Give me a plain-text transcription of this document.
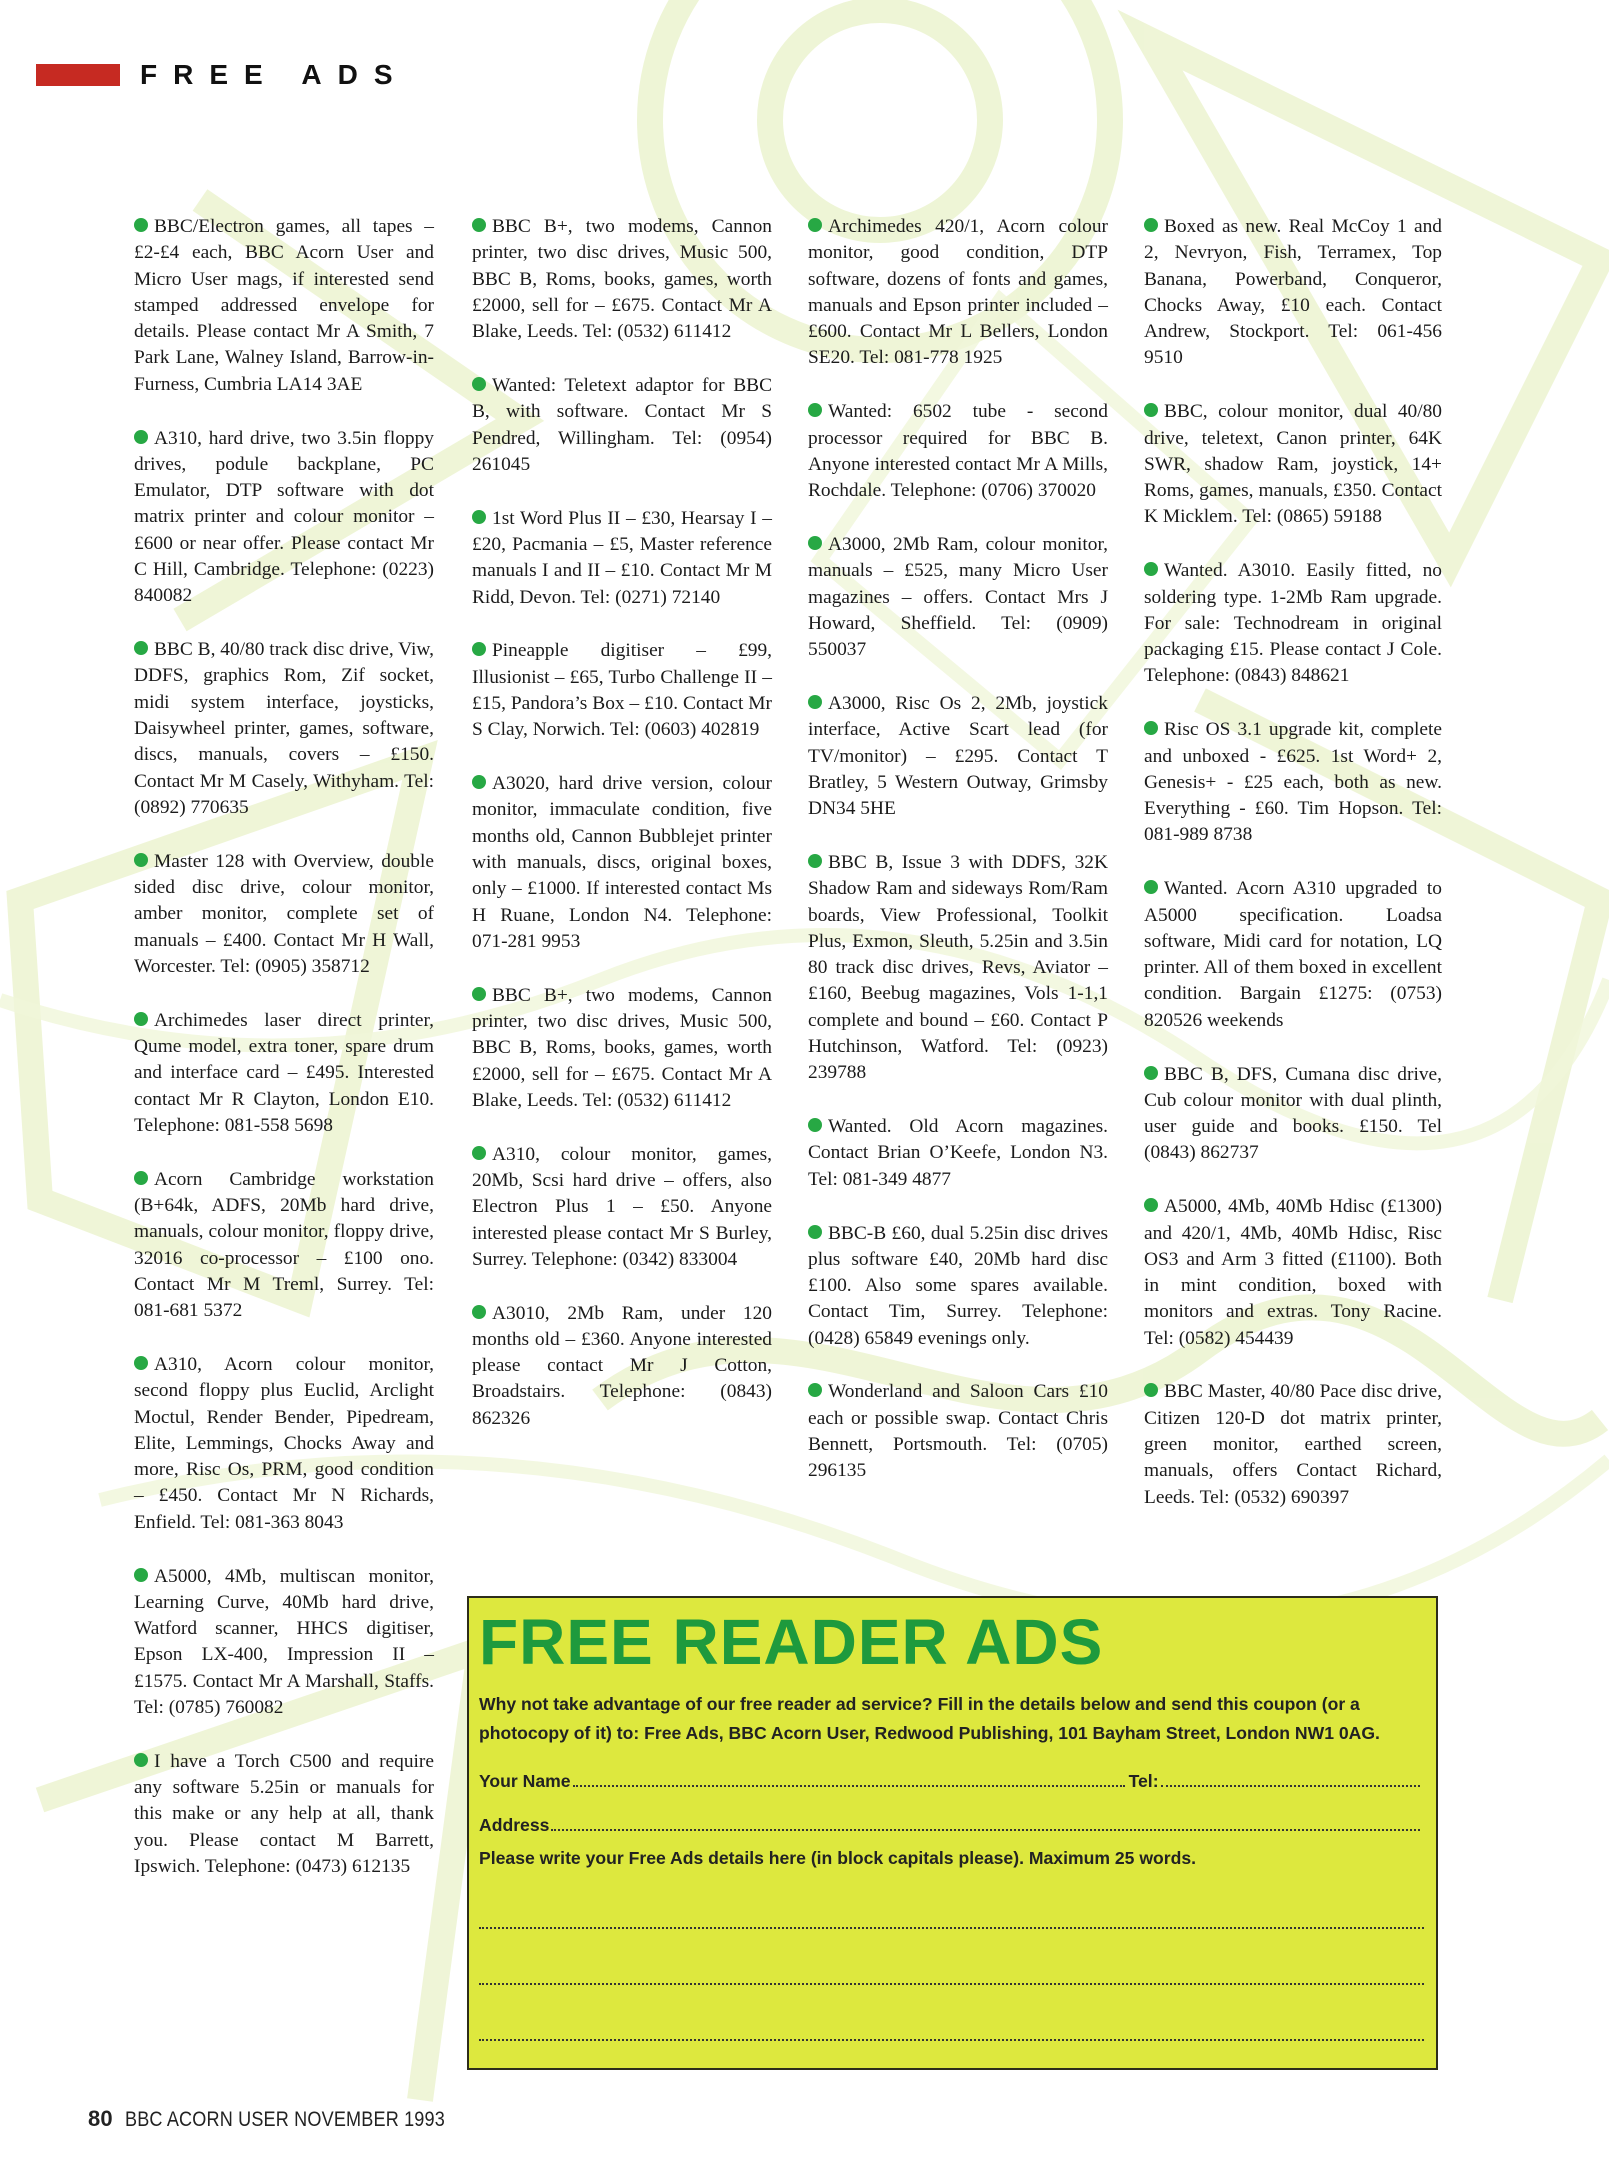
FREE ADS

BBC/Electron games, all tapes – £2-£4 each, BBC Acorn User and Micro User mags, if interested send stamped addressed envelope for details. Please contact Mr A Smith, 7 Park Lane, Walney Island, Barrow-in-Furness, Cumbria LA14 3AE

A310, hard drive, two 3.5in floppy drives, podule backplane, PC Emulator, DTP software with dot matrix printer and colour monitor – £600 or near offer. Please contact Mr C Hill, Cambridge. Telephone: (0223) 840082

BBC B, 40/80 track disc drive, Viw, DDFS, graphics Rom, Zif socket, midi system interface, joysticks, Daisywheel printer, games, software, discs, manuals, covers – £150. Contact Mr M Casely, Withyham. Tel: (0892) 770635

Master 128 with Overview, double sided disc drive, colour monitor, amber monitor, complete set of manuals – £400. Contact Mr H Wall, Worcester. Tel: (0905) 358712

Archimedes laser direct printer, Qume model, extra toner, spare drum and interface card – £495. Interested contact Mr R Clayton, London E10. Telephone: 081-558 5698

Acorn Cambridge workstation (B+64k, ADFS, 20Mb hard drive, manuals, colour monitor, floppy drive, 32016 co-processor – £100 ono. Contact Mr M Treml, Surrey. Tel: 081-681 5372

A310, Acorn colour monitor, second floppy plus Euclid, Arclight Moctul, Render Bender, Pipedream, Elite, Lemmings, Chocks Away and more, Risc Os, PRM, good condition – £450. Contact Mr N Richards, Enfield. Tel: 081-363 8043

A5000, 4Mb, multiscan monitor, Learning Curve, 40Mb hard drive, Watford scanner, HHCS digitiser, Epson LX-400, Impression II – £1575. Contact Mr A Marshall, Staffs. Tel: (0785) 760082

I have a Torch C500 and require any software 5.25in or manuals for this make or any help at all, thank you. Please contact M Barrett, Ipswich. Telephone: (0473) 612135

BBC B+, two modems, Cannon printer, two disc drives, Music 500, BBC B, Roms, books, games, worth £2000, sell for – £675. Contact Mr A Blake, Leeds. Tel: (0532) 611412

Wanted: Teletext adaptor for BBC B, with software. Contact Mr S Pendred, Willingham. Tel: (0954) 261045

1st Word Plus II – £30, Hearsay I – £20, Pacmania – £5, Master reference manuals I and II – £10. Contact Mr M Ridd, Devon. Tel: (0271) 72140

Pineapple digitiser – £99, Illusionist – £65, Turbo Challenge II – £15, Pandora’s Box – £10. Contact Mr S Clay, Norwich. Tel: (0603) 402819

A3020, hard drive version, colour monitor, immaculate condition, five months old, Cannon Bubblejet printer with manuals, discs, original boxes, only – £1000. If interested contact Ms H Ruane, London N4. Telephone: 071-281 9953

BBC B+, two modems, Cannon printer, two disc drives, Music 500, BBC B, Roms, books, games, worth £2000, sell for – £675. Contact Mr A Blake, Leeds. Tel: (0532) 611412

A310, colour monitor, games, 20Mb, Scsi hard drive – offers, also Electron Plus 1 – £50. Anyone interested please contact Mr S Burley, Surrey. Telephone: (0342) 833004

A3010, 2Mb Ram, under 120 months old – £360. Anyone interested please contact Mr J Cotton, Broadstairs. Telephone: (0843) 862326

Archimedes 420/1, Acorn colour monitor, good condition, DTP software, dozens of fonts and games, manuals and Epson printer included – £600. Contact Mr L Bellers, London SE20. Tel: 081-778 1925

Wanted: 6502 tube - second processor required for BBC B. Anyone interested contact Mr A Mills, Rochdale. Telephone: (0706) 370020

A3000, 2Mb Ram, colour monitor, manuals – £525, many Micro User magazines – offers. Contact Mrs J Howard, Sheffield. Tel: (0909) 550037

A3000, Risc Os 2, 2Mb, joystick interface, Active Scart lead (for TV/monitor) – £295. Contact T Bratley, 5 Western Outway, Grimsby DN34 5HE

BBC B, Issue 3 with DDFS, 32K Shadow Ram and sideways Rom/Ram boards, View Professional, Toolkit Plus, Exmon, Sleuth, 5.25in and 3.5in 80 track disc drives, Revs, Aviator – £160, Beebug magazines, Vols 1-1,1 complete and bound – £60. Contact P Hutchinson, Watford. Tel: (0923) 239788

Wanted. Old Acorn magazines. Contact Brian O’Keefe, London N3. Tel: 081-349 4877

BBC-B £60, dual 5.25in disc drives plus software £40, 20Mb hard disc £100. Also some spares available. Contact Tim, Surrey. Telephone: (0428) 65849 evenings only.

Wonderland and Saloon Cars £10 each or possible swap. Contact Chris Bennett, Portsmouth. Tel: (0705) 296135

Boxed as new. Real McCoy 1 and 2, Nevryon, Fish, Terramex, Top Banana, Powerband, Conqueror, Chocks Away, £10 each. Contact Andrew, Stockport. Tel: 061-456 9510

BBC, colour monitor, dual 40/80 drive, teletext, Canon printer, 64K SWR, shadow Ram, joystick, 14+ Roms, games, manuals, £350. Contact K Micklem. Tel: (0865) 59188

Wanted. A3010. Easily fitted, no soldering type. 1-2Mb Ram upgrade. For sale: Technodream in original packaging £15. Please contact J Cole. Telephone: (0843) 848621

Risc OS 3.1 upgrade kit, complete and unboxed - £625. 1st Word+ 2, Genesis+ - £25 each, both as new. Everything - £60. Tim Hopson. Tel: 081-989 8738

Wanted. Acorn A310 upgraded to A5000 specification. Loadsa software, Midi card for notation, LQ printer. All of them boxed in excellent condition. Bargain £1275: (0753) 820526 weekends

BBC B, DFS, Cumana disc drive, Cub colour monitor with dual plinth, user guide and books. £150. Tel (0843) 862737

A5000, 4Mb, 40Mb Hdisc (£1300) and 420/1, 4Mb, 40Mb Hdisc, Risc OS3 and Arm 3 fitted (£1100). Both in mint condition, boxed with monitors and extras. Tony Racine. Tel: (0582) 454439

BBC Master, 40/80 Pace disc drive, Citizen 120-D dot matrix printer, green monitor, earthed screen, manuals, offers Contact Richard, Leeds. Tel: (0532) 690397

FREE READER ADS
Why not take advantage of our free reader ad service? Fill in the details below and send this coupon (or a photocopy of it) to: Free Ads, BBC Acorn User, Redwood Publishing, 101 Bayham Street, London NW1 0AG.
Your Name	Tel:
Address
Please write your Free Ads details here (in block capitals please). Maximum 25 words.
80 BBC ACORN USER NOVEMBER 1993
